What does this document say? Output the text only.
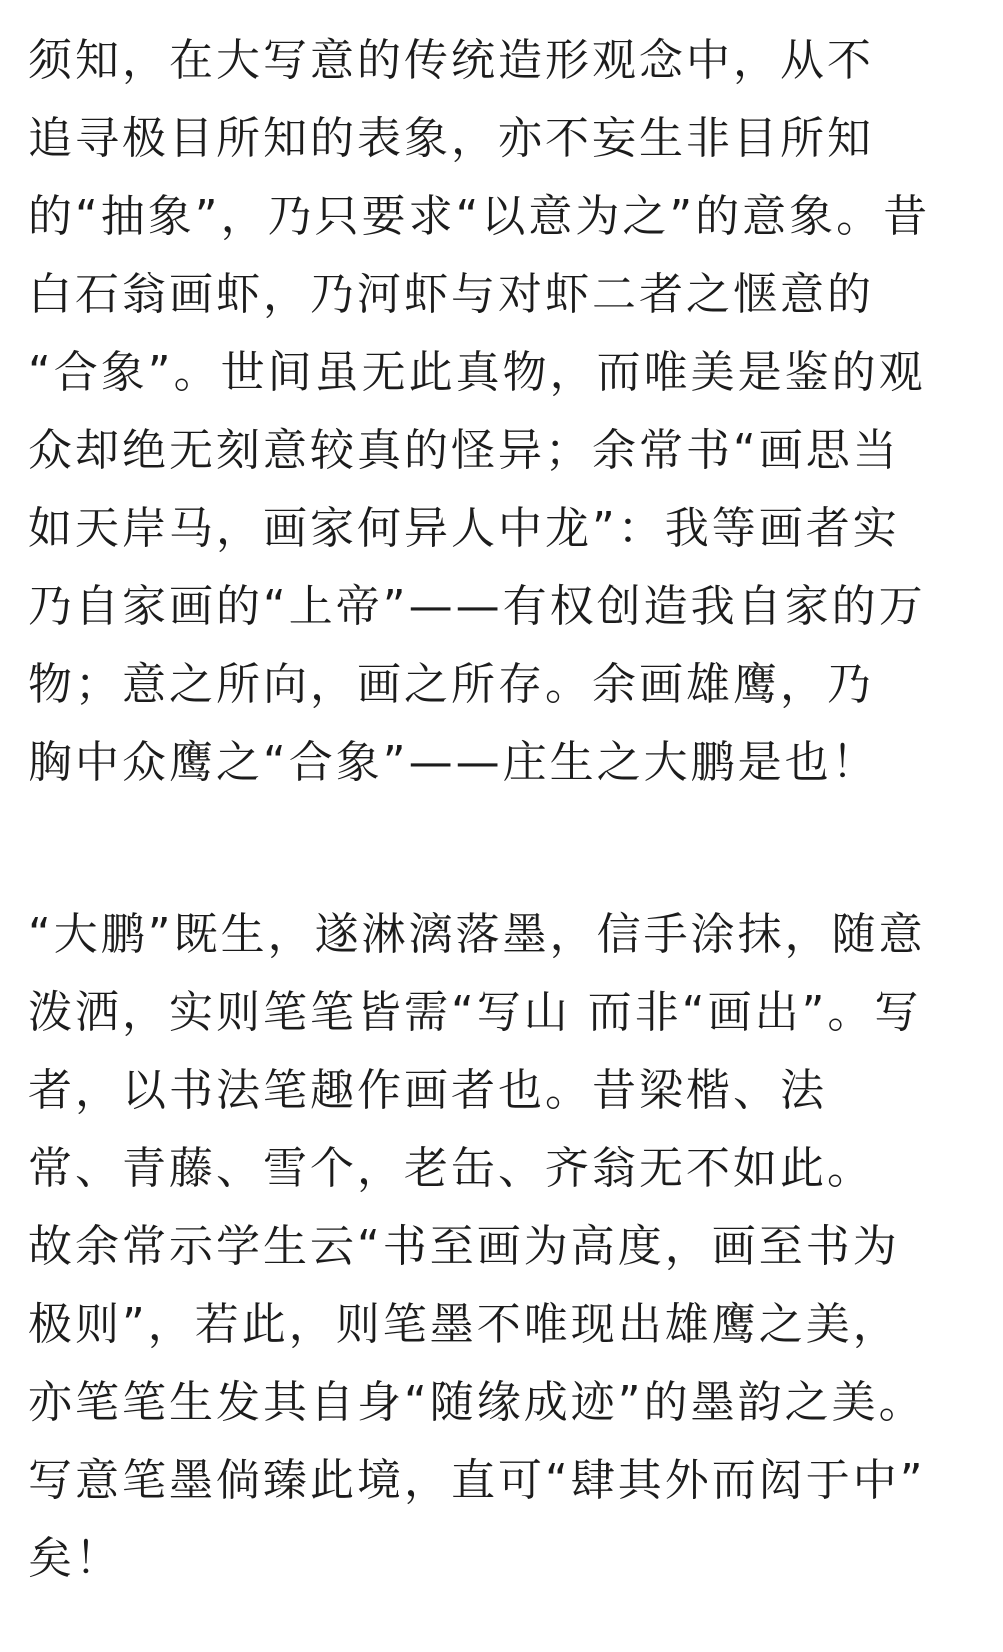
须知，在大写意的传统造形观念中，从不
追寻极目所知的表象，亦不妄生非目所知
的“抽象”，乃只要求“以意为之”的意象。昔
白石翁画虾，乃河虾与对虾二者之惬意的
“合象”。世间虽无此真物，而唯美是鉴的观
众却绝无刻意较真的怪异；余常书“画思当
如天岸马，画家何异人中龙”：我等画者实
乃自家画的“上帝”——有权创造我自家的万
物；意之所向，画之所存。余画雄鹰，乃
胸中众鹰之“合象”——庄生之大鹏是也！
“大鹏”既生，遂淋漓落墨，信手涂抹，随意
泼洒，实则笔笔皆需“写山 而非“画出”。写
者，以书法笔趣作画者也。昔梁楷、法
常、青藤、雪个，老缶、齐翁无不如此。
故余常示学生云“书至画为高度，画至书为
极则”，若此，则笔墨不唯现出雄鹰之美，
亦笔笔生发其自身“随缘成迹”的墨韵之美。
写意笔墨倘臻此境，直可“肆其外而闳于中”
矣！
